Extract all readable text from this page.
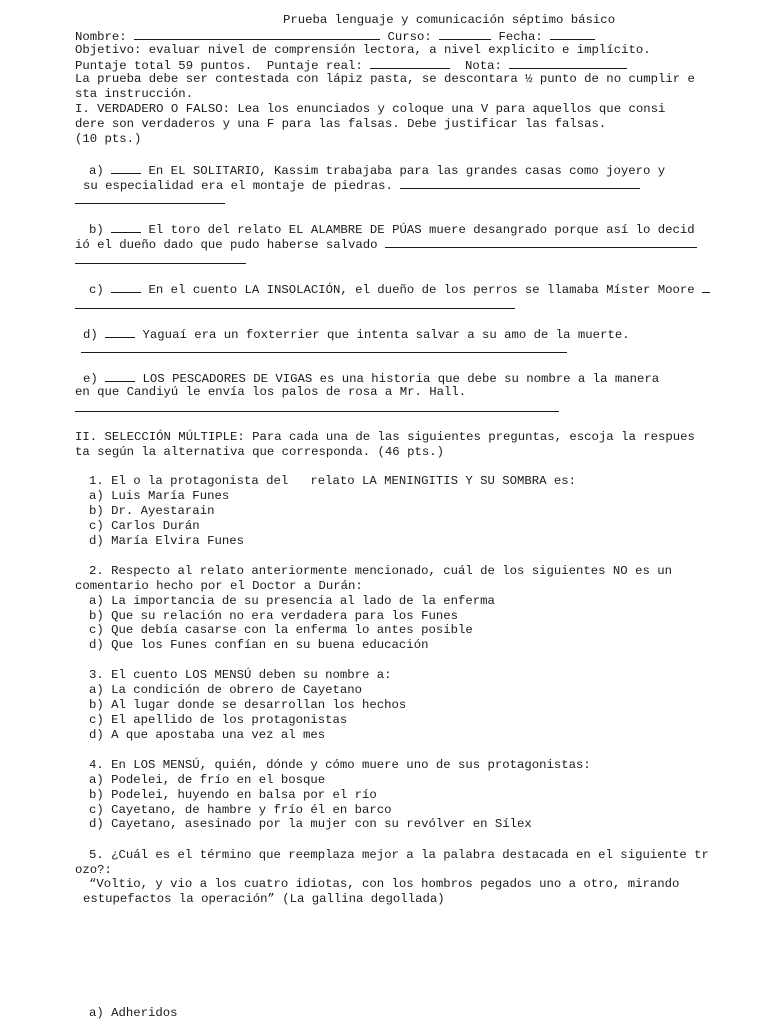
Prueba lenguaje y comunicación séptimo básico
Nombre:	Curso:	Fecha:
Objetivo: evaluar nivel de comprensión lectora, a nivel explicito e implícito.
Puntaje total 59 puntos. Puntaje real:	Nota:
La prueba debe ser contestada con lápiz pasta, se descontara ½ punto de no cumplir e
sta instrucción.
I. VERDADERO O FALSO: Lea los enunciados y coloque una V para aquellos que consi
dere son verdaderos y una F para las falsas. Debe justificar las falsas.
(10 pts.)
a)	En EL SOLITARIO, Kassim trabajaba para las grandes casas como joyero y
su especialidad era el montaje de piedras.
b)	El toro del relato EL ALAMBRE DE PÚAS muere desangrado porque así lo decid
ió el dueño dado que pudo haberse salvado
c)	En el cuento LA INSOLACIÓN, el dueño de los perros se llamaba Míster Moore
d)	Yaguaí era un foxterrier que intenta salvar a su amo de la muerte.
e)	LOS PESCADORES DE VIGAS es una historia que debe su nombre a la manera
en que Candiyú le envía los palos de rosa a Mr. Hall.
II. SELECCIÓN MÚLTIPLE: Para cada una de las siguientes preguntas, escoja la respues
ta según la alternativa que corresponda. (46 pts.)
1. El o la protagonista del   relato LA MENINGITIS Y SU SOMBRA es:
a) Luis María Funes
b) Dr. Ayestarain
c) Carlos Durán
d) María Elvira Funes
2. Respecto al relato anteriormente mencionado, cuál de los siguientes NO es un
comentario hecho por el Doctor a Durán:
a) La importancia de su presencia al lado de la enferma
b) Que su relación no era verdadera para los Funes
c) Que debía casarse con la enferma lo antes posible
d) Que los Funes confían en su buena educación
3. El cuento LOS MENSÚ deben su nombre a:
a) La condición de obrero de Cayetano
b) Al lugar donde se desarrollan los hechos
c) El apellido de los protagonistas
d) A que apostaba una vez al mes
4. En LOS MENSÚ, quién, dónde y cómo muere uno de sus protagonistas:
a) Podelei, de frío en el bosque
b) Podelei, huyendo en balsa por el río
c) Cayetano, de hambre y frío él en barco
d) Cayetano, asesinado por la mujer con su revólver en Sílex
5. ¿Cuál es el término que reemplaza mejor a la palabra destacada en el siguiente tr
ozo?:
“Voltio, y vio a los cuatro idiotas, con los hombros pegados uno a otro, mirando
estupefactos la operación” (La gallina degollada)
a) Adheridos
